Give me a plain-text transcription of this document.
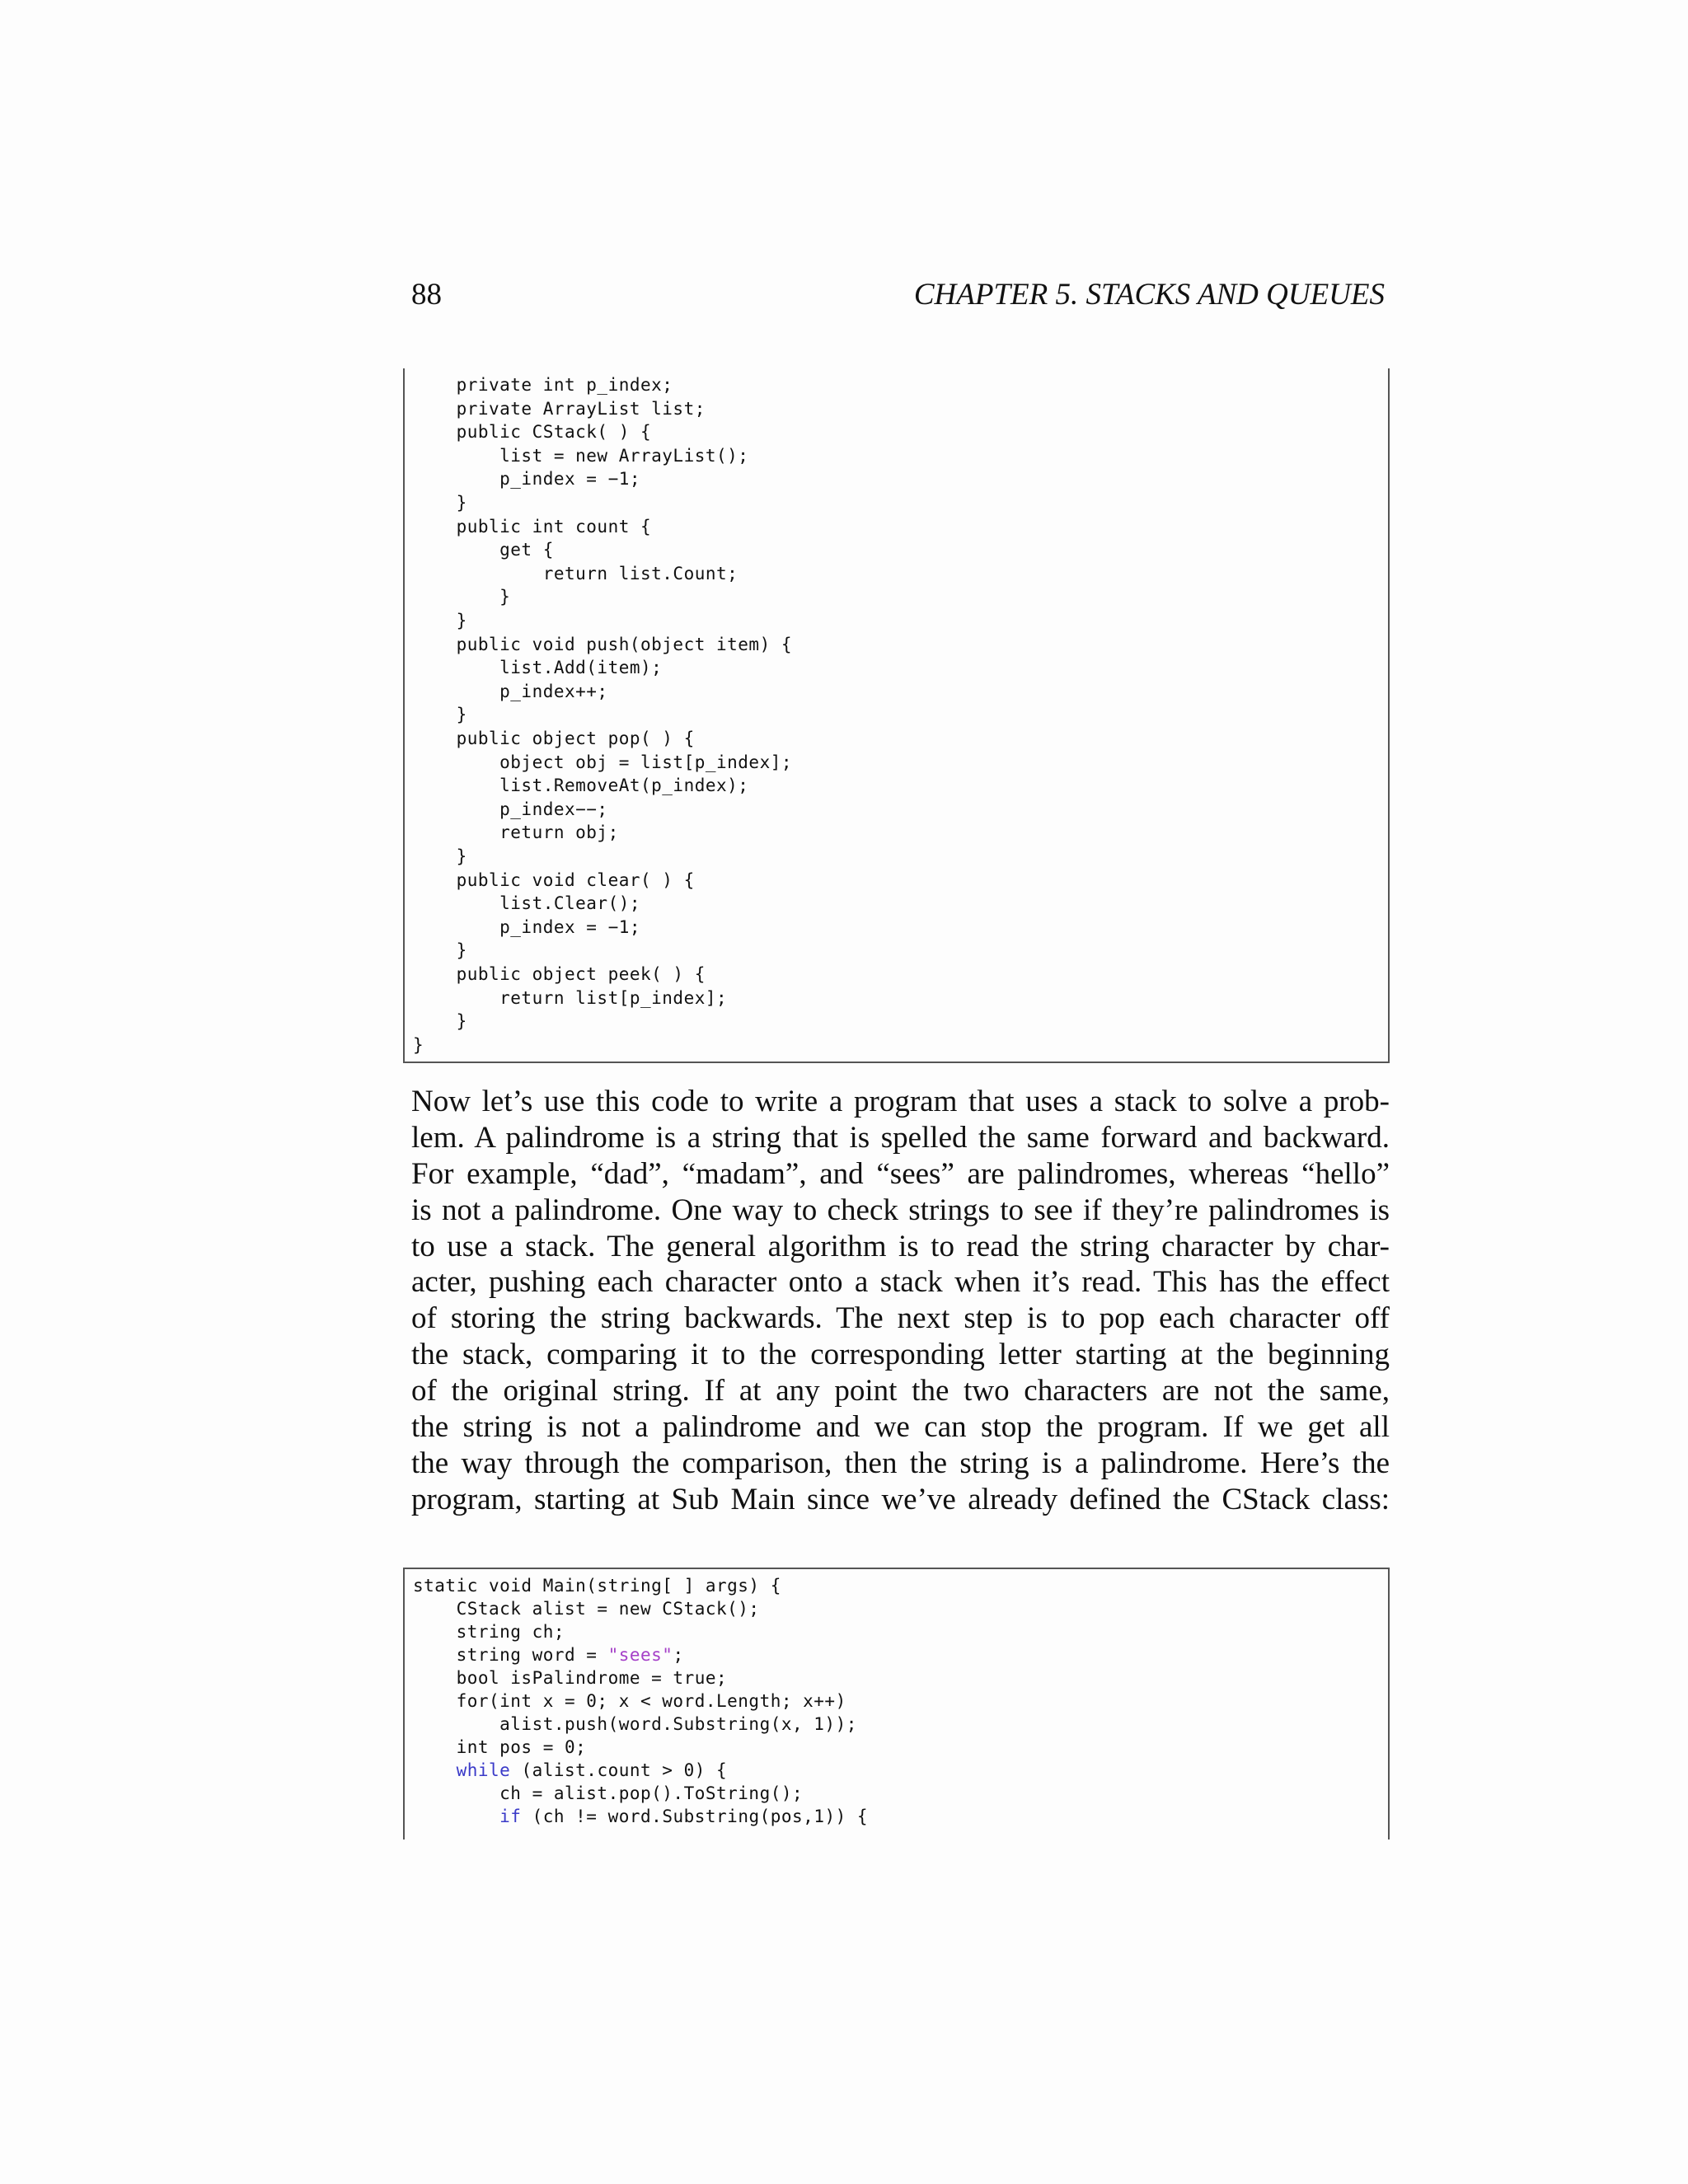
88	CHAPTER 5. STACKS AND QUEUES
private int p_index;
private ArrayList list;
public CStack( ) {
list = new ArrayList();
p_index = −1;
}
public int count {
get {
return list.Count;
}
}
public void push(object item) {
list.Add(item);
p_index++;
}
public object pop( ) {
object obj = list[p_index];
list.RemoveAt(p_index);
p_index−−;
return obj;
}
public void clear( ) {
list.Clear();
p_index = −1;
}
public object peek( ) {
return list[p_index];
}
}
Now let’s use this code to write a program that uses a stack to solve a prob-
lem. A palindrome is a string that is spelled the same forward and backward.
For example, “dad”, “madam”, and “sees” are palindromes, whereas “hello”
is not a palindrome. One way to check strings to see if they’re palindromes is
to use a stack. The general algorithm is to read the string character by char-
acter, pushing each character onto a stack when it’s read. This has the effect
of storing the string backwards. The next step is to pop each character off
the stack, comparing it to the corresponding letter starting at the beginning
of the original string. If at any point the two characters are not the same,
the string is not a palindrome and we can stop the program. If we get all
the way through the comparison, then the string is a palindrome. Here’s the
program, starting at Sub Main since we’ve already defined the CStack class:
static void Main(string[ ] args) {
CStack alist = new CStack();
string ch;
string word = "sees";
bool isPalindrome = true;
for(int x = 0; x < word.Length; x++)
alist.push(word.Substring(x, 1));
int pos = 0;
while (alist.count > 0) {
ch = alist.pop().ToString();
if (ch != word.Substring(pos,1)) {
